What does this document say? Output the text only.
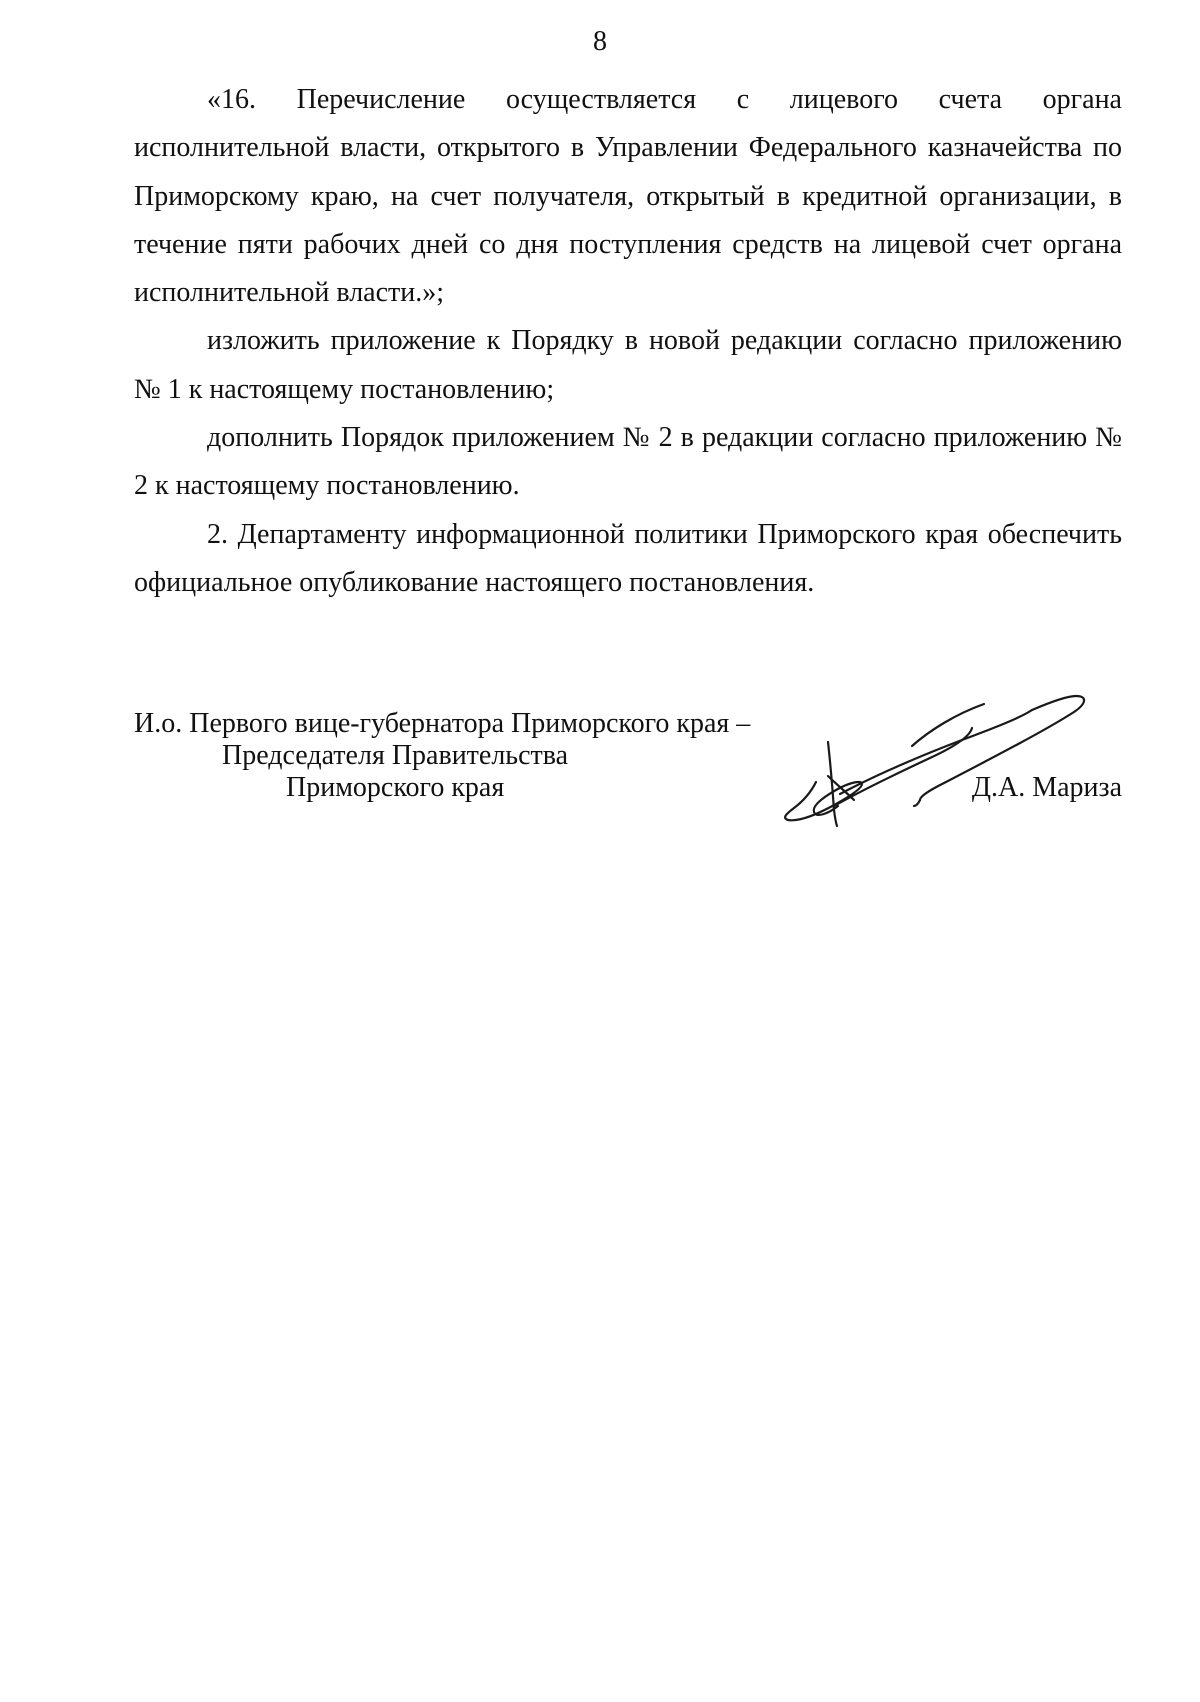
8

«16. Перечисление осуществляется с лицевого счета органа исполнительной власти, открытого в Управлении Федерального казначейства по Приморскому краю, на счет получателя, открытый в кредитной организации, в течение пяти рабочих дней со дня поступления средств на лицевой счет органа исполнительной власти.»;

изложить приложение к Порядку в новой редакции согласно приложению № 1 к настоящему постановлению;

дополнить Порядок приложением № 2 в редакции согласно приложению № 2 к настоящему постановлению.

2. Департаменту информационной политики Приморского края обеспечить официальное опубликование настоящего постановления.

И.о. Первого вице-губернатора Приморского края –
Председателя Правительства
Приморского края	Д.А. Мариза
